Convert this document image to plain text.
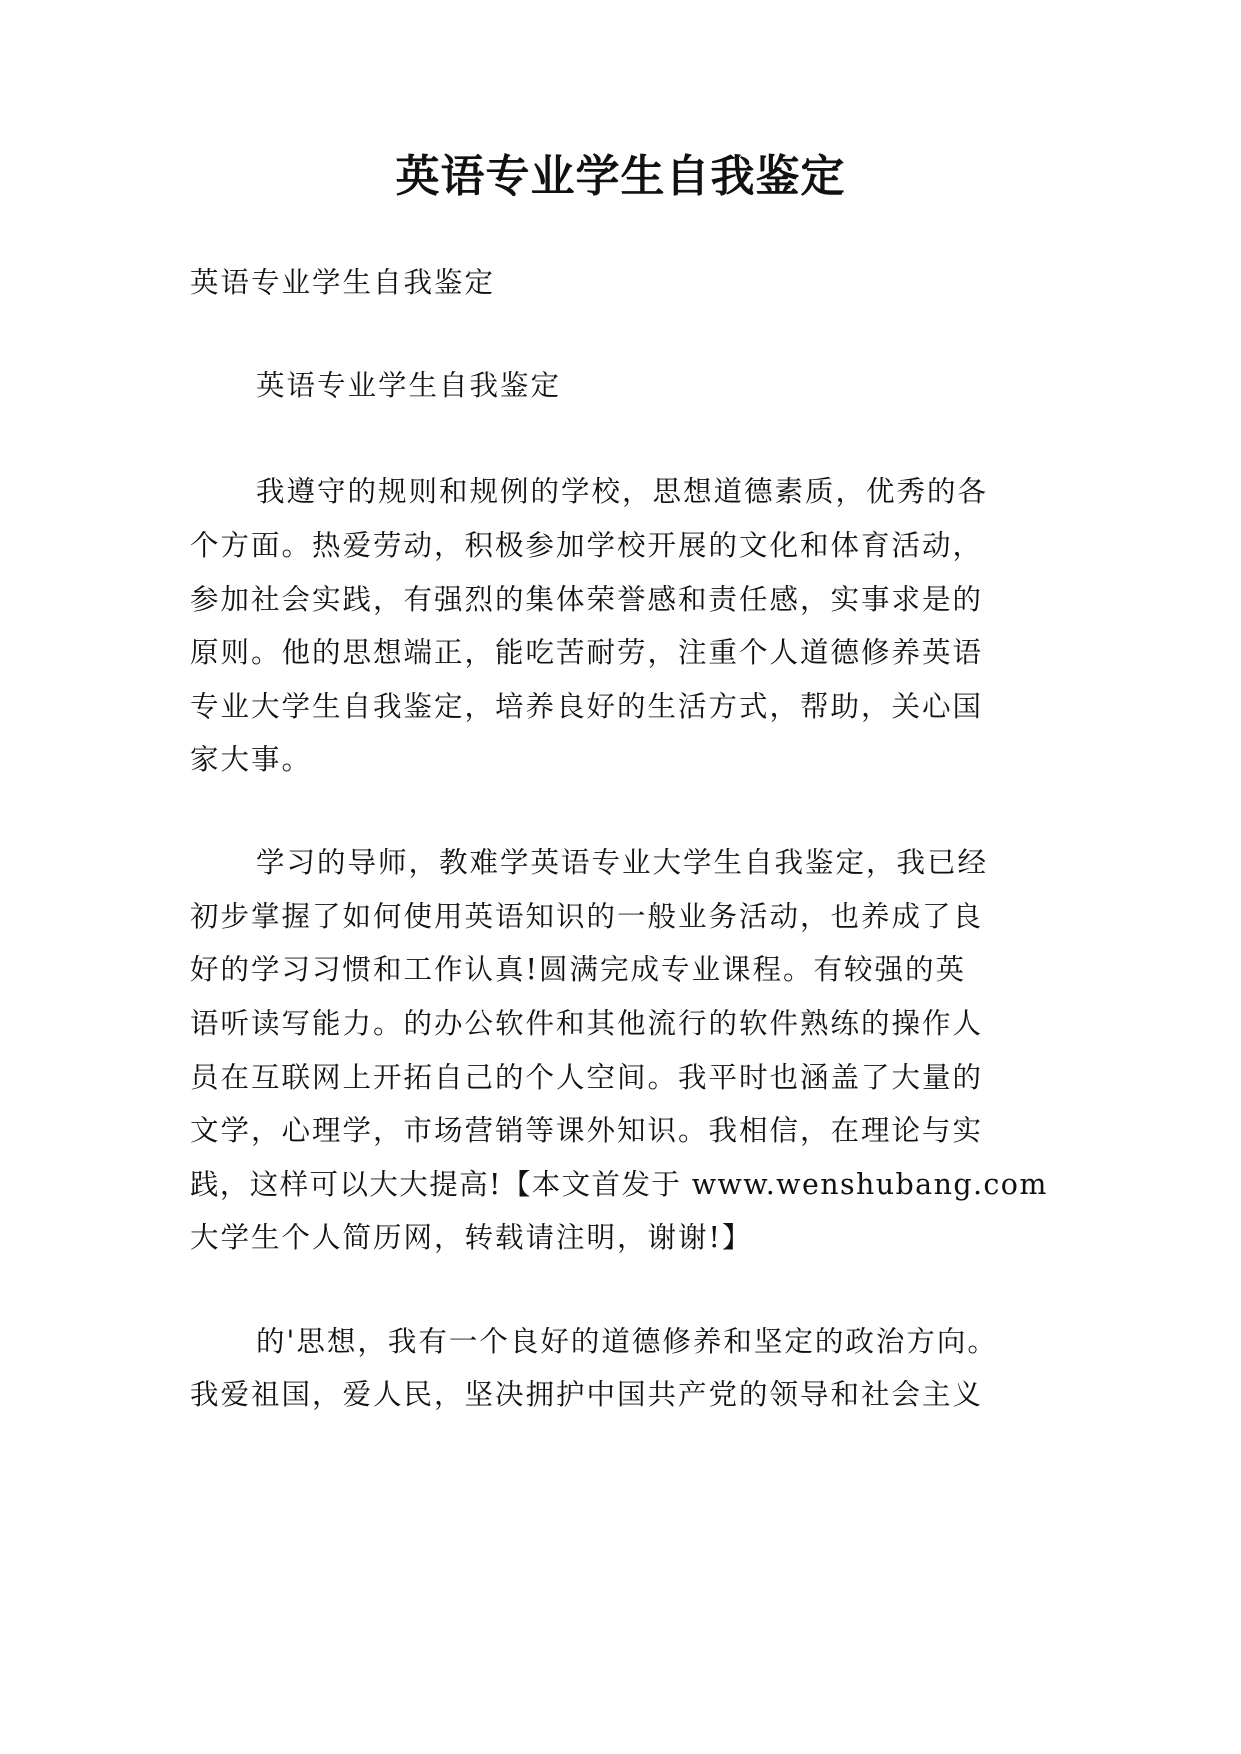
英语专业学生自我鉴定
英语专业学生自我鉴定
英语专业学生自我鉴定
我遵守的规则和规例的学校，思想道德素质，优秀的各
个方面。热爱劳动，积极参加学校开展的文化和体育活动，
参加社会实践，有强烈的集体荣誉感和责任感，实事求是的
原则。他的思想端正，能吃苦耐劳，注重个人道德修养英语
专业大学生自我鉴定，培养良好的生活方式，帮助，关心国
家大事。
学习的导师，教难学英语专业大学生自我鉴定，我已经
初步掌握了如何使用英语知识的一般业务活动，也养成了良
好的学习习惯和工作认真!圆满完成专业课程。有较强的英
语听读写能力。的办公软件和其他流行的软件熟练的操作人
员在互联网上开拓自己的个人空间。我平时也涵盖了大量的
文学，心理学，市场营销等课外知识。我相信，在理论与实
践，这样可以大大提高!【本文首发于 www.wenshubang.com
大学生个人简历网，转载请注明，谢谢!】
的'思想，我有一个良好的道德修养和坚定的政治方向。
我爱祖国，爱人民，坚决拥护中国共产党的领导和社会主义
